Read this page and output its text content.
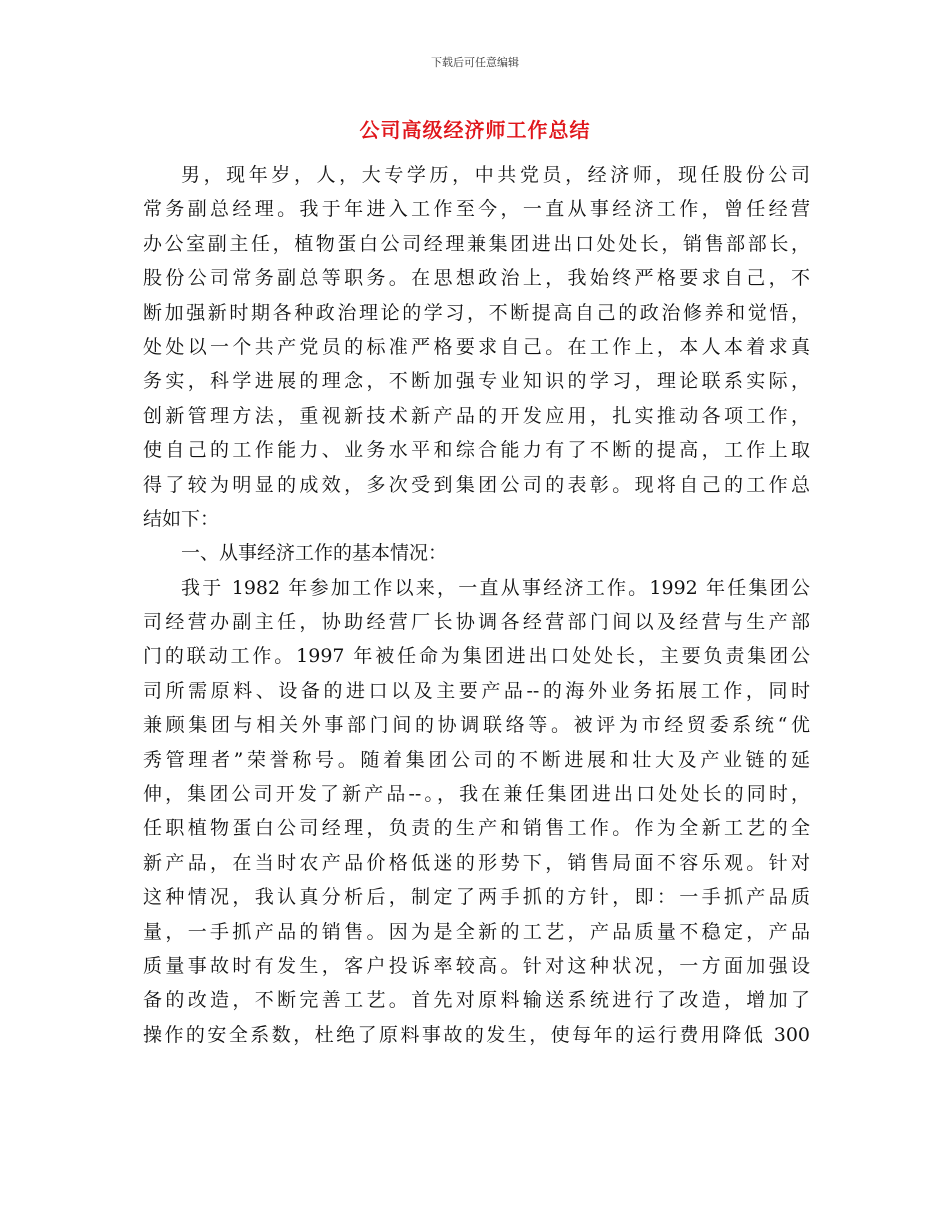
下载后可任意编辑
公司高级经济师工作总结
男，现年岁，人，大专学历，中共党员，经济师，现任股份公司
常务副总经理。我于年进入工作至今，一直从事经济工作，曾任经营
办公室副主任，植物蛋白公司经理兼集团进出口处处长，销售部部长，
股份公司常务副总等职务。在思想政治上，我始终严格要求自己，不
断加强新时期各种政治理论的学习，不断提高自己的政治修养和觉悟，
处处以一个共产党员的标准严格要求自己。在工作上，本人本着求真
务实，科学进展的理念，不断加强专业知识的学习，理论联系实际，
创新管理方法，重视新技术新产品的开发应用，扎实推动各项工作，
使自己的工作能力、业务水平和综合能力有了不断的提高，工作上取
得了较为明显的成效，多次受到集团公司的表彰。现将自己的工作总
结如下：
一、从事经济工作的基本情况：
我于 1982 年参加工作以来，一直从事经济工作。1992 年任集团公
司经营办副主任，协助经营厂长协调各经营部门间以及经营与生产部
门的联动工作。1997 年被任命为集团进出口处处长，主要负责集团公
司所需原料、设备的进口以及主要产品--的海外业务拓展工作，同时
兼顾集团与相关外事部门间的协调联络等。被评为市经贸委系统“优
秀管理者”荣誉称号。随着集团公司的不断进展和壮大及产业链的延
伸，集团公司开发了新产品--。，我在兼任集团进出口处处长的同时，
任职植物蛋白公司经理，负责的生产和销售工作。作为全新工艺的全
新产品，在当时农产品价格低迷的形势下，销售局面不容乐观。针对
这种情况，我认真分析后，制定了两手抓的方针，即：一手抓产品质
量，一手抓产品的销售。因为是全新的工艺，产品质量不稳定，产品
质量事故时有发生，客户投诉率较高。针对这种状况，一方面加强设
备的改造，不断完善工艺。首先对原料输送系统进行了改造，增加了
操作的安全系数，杜绝了原料事故的发生，使每年的运行费用降低 300
